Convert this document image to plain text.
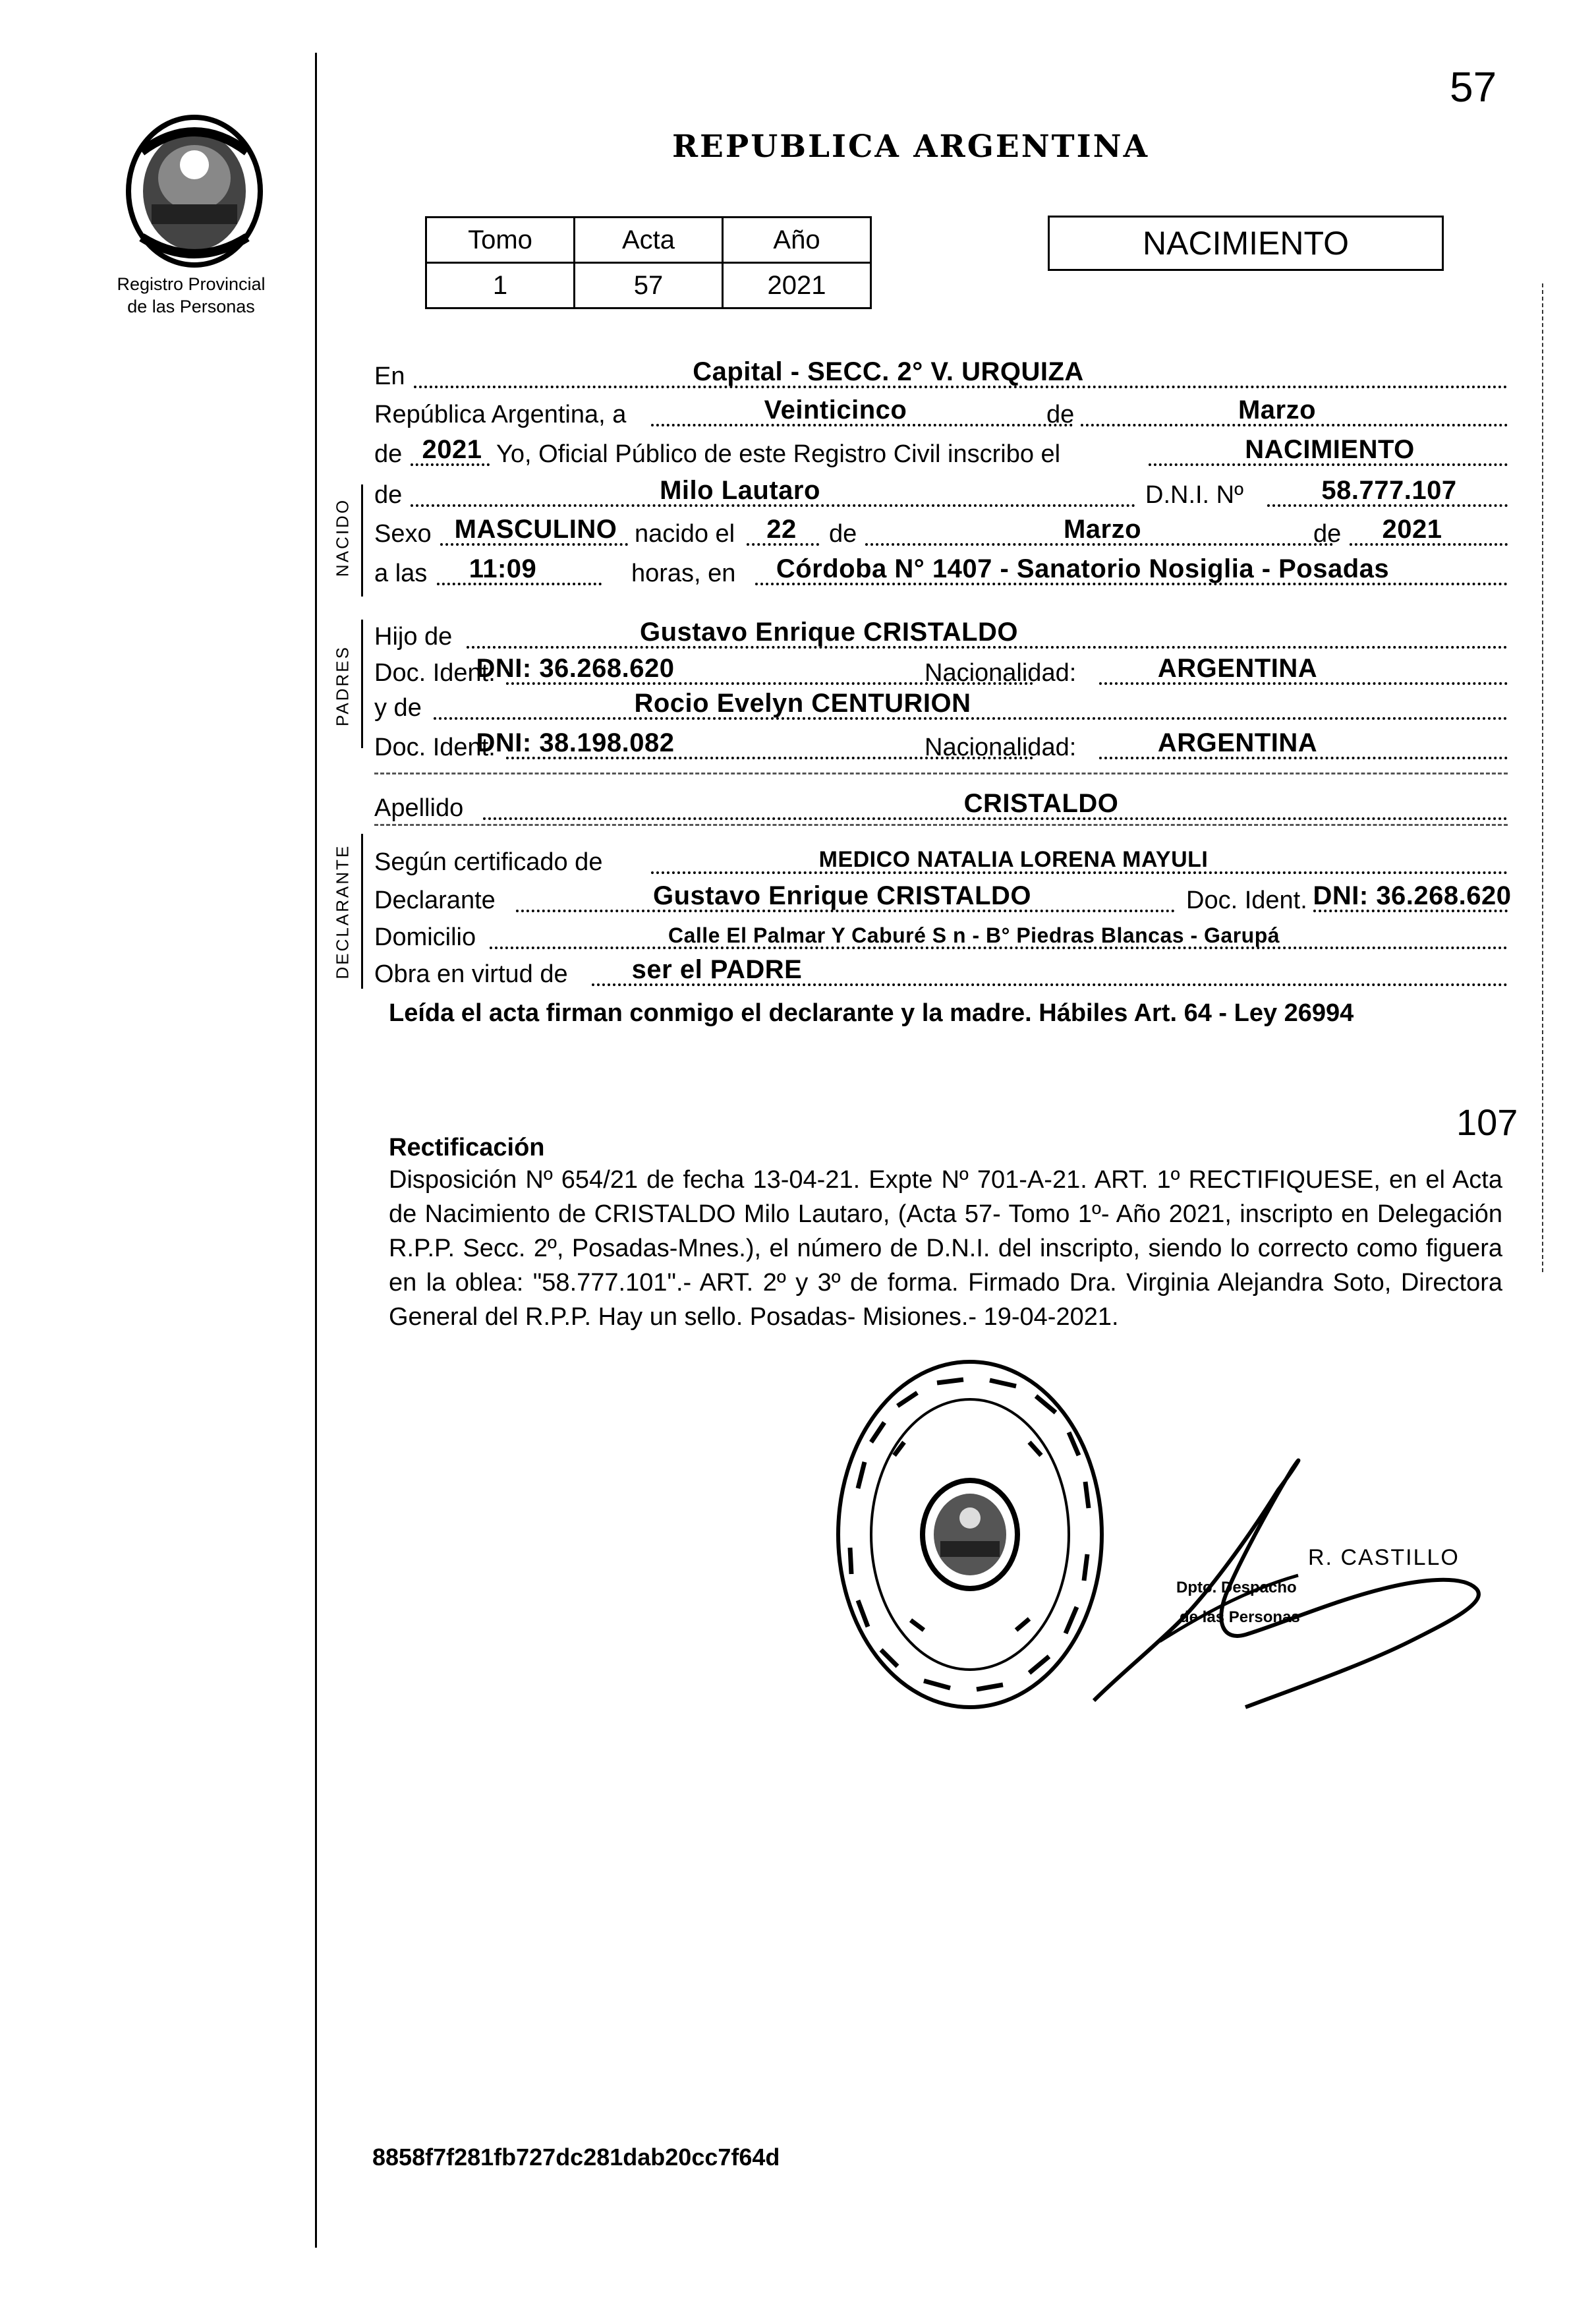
57
Registro Provincial
de las Personas
REPUBLICA ARGENTINA
Tomo	Acta	Año
1	57	2021
NACIMIENTO
NACIDO
PADRES
DECLARANTE
En	Capital - SECC. 2° V. URQUIZA
República Argentina, a	Veinticinco	de	Marzo
de 2021 Yo, Oficial Público de este Registro Civil inscribo el	NACIMIENTO
de	Milo Lautaro	D.N.I. Nº	58.777.107
Sexo MASCULINO nacido el 22 de	Marzo	de 2021
a las 11:09	horas, en Córdoba N° 1407 - Sanatorio Nosiglia - Posadas
Hijo de	Gustavo Enrique CRISTALDO
Doc. Ident.
DNI: 36.268.620	Nacionalidad:	ARGENTINA
y de	Rocio Evelyn CENTURION
Doc. Ident.
DNI: 38.198.082	Nacionalidad:	ARGENTINA
Apellido	CRISTALDO
Según certificado de	MEDICO NATALIA LORENA MAYULI
Declarante	Gustavo Enrique CRISTALDO	Doc. Ident. DNI: 36.268.620
Domicilio	Calle El Palmar Y Caburé S n - B° Piedras Blancas - Garupá
Obra en virtud de ser el PADRE
Leída el acta firman conmigo el declarante y la madre. Hábiles Art. 64 - Ley 26994
107
Rectificación
Disposición Nº 654/21 de fecha 13-04-21. Expte Nº 701-A-21. ART. 1º RECTIFIQUESE, en el Acta de Nacimiento de CRISTALDO Milo Lautaro, (Acta 57- Tomo 1º- Año 2021, inscripto en Delegación R.P.P. Secc. 2º, Posadas-Mnes.), el número de D.N.I. del inscripto, siendo lo correcto como figuera en la oblea: "58.777.101".- ART. 2º y 3º de forma. Firmado Dra. Virginia Alejandra Soto, Directora General del R.P.P. Hay un sello. Posadas- Misiones.- 19-04-2021.
R. CASTILLO
Dpto. Despacho
de las Personas
8858f7f281fb727dc281dab20cc7f64d
